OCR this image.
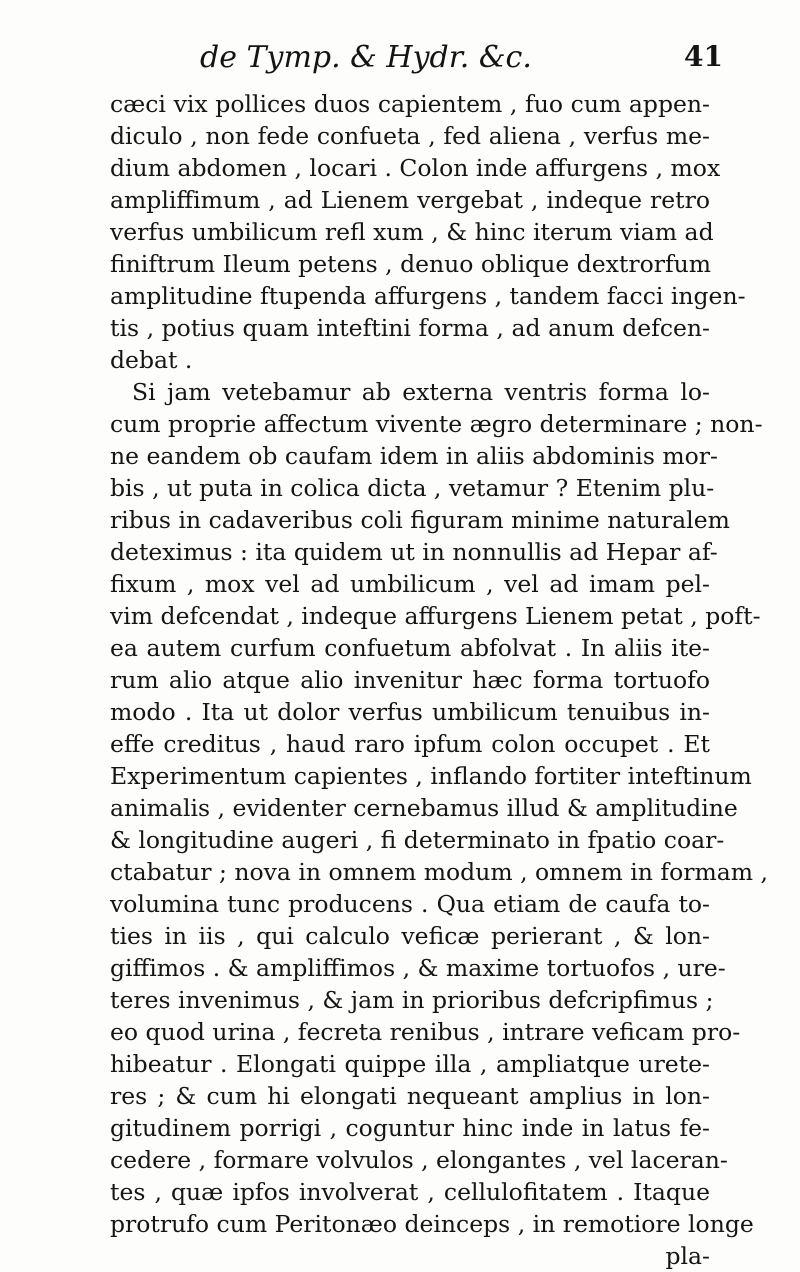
de Tymp. & Hydr. &c.	41
cæci vix pollices duos capientem , fuo cum appen-
diculo , non fede confueta , fed aliena , verfus me-
dium abdomen , locari . Colon inde affurgens , mox
ampliffimum , ad Lienem vergebat , indeque retro
verfus umbilicum refl xum , & hinc iterum viam ad
finiftrum Ileum petens , denuo oblique dextrorfum
amplitudine ftupenda affurgens , tandem facci ingen-
tis , potius quam inteftini forma , ad anum defcen-
debat .
Si jam vetebamur ab externa ventris forma lo-
cum proprie affectum vivente ægro determinare ; non-
ne eandem ob caufam idem in aliis abdominis mor-
bis , ut puta in colica dicta , vetamur ? Etenim plu-
ribus in cadaveribus coli figuram minime naturalem
deteximus : ita quidem ut in nonnullis ad Hepar af-
fixum , mox vel ad umbilicum , vel ad imam pel-
vim defcendat , indeque affurgens Lienem petat , poft-
ea autem curfum confuetum abfolvat . In aliis ite-
rum alio atque alio invenitur hæc forma tortuofo
modo . Ita ut dolor verfus umbilicum tenuibus in-
effe creditus , haud raro ipfum colon occupet . Et
Experimentum capientes , inflando fortiter inteftinum
animalis , evidenter cernebamus illud & amplitudine
& longitudine augeri , fi determinato in fpatio coar-
ctabatur ; nova in omnem modum , omnem in formam ,
volumina tunc producens . Qua etiam de caufa to-
ties in iis , qui calculo veficæ perierant , & lon-
giffimos . & ampliffimos , & maxime tortuofos , ure-
teres invenimus , & jam in prioribus defcripfimus ;
eo quod urina , fecreta renibus , intrare veficam pro-
hibeatur . Elongati quippe illa , ampliatque urete-
res ; & cum hi elongati nequeant amplius in lon-
gitudinem porrigi , coguntur hinc inde in latus fe-
cedere , formare volvulos , elongantes , vel laceran-
tes , quæ ipfos involverat , cellulofitatem . Itaque
protrufo cum Peritonæo deinceps , in remotiore longe
pla-
